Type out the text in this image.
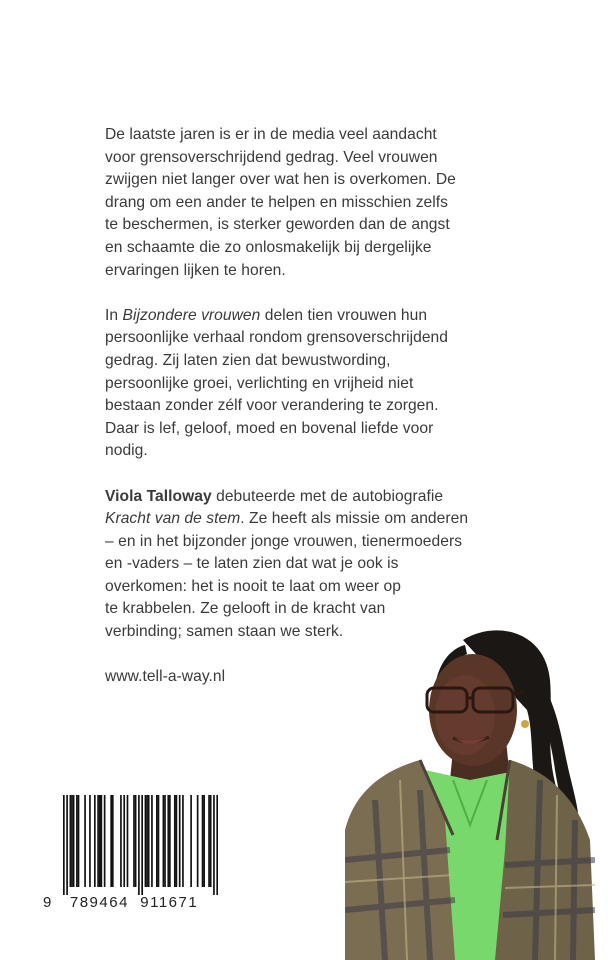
De laatste jaren is er in de media veel aandacht
voor grensoverschrijdend gedrag. Veel vrouwen
zwijgen niet langer over wat hen is overkomen. De
drang om een ander te helpen en misschien zelfs
te beschermen, is sterker geworden dan de angst
en schaamte die zo onlosmakelijk bij dergelijke
ervaringen lijken te horen.

In Bijzondere vrouwen delen tien vrouwen hun
persoonlijke verhaal rondom grensoverschrijdend
gedrag. Zij laten zien dat bewustwording,
persoonlijke groei, verlichting en vrijheid niet
bestaan zonder zélf voor verandering te zorgen.
Daar is lef, geloof, moed en bovenal liefde voor
nodig.

Viola Talloway debuteerde met de autobiografie
Kracht van de stem. Ze heeft als missie om anderen
– en in het bijzonder jonge vrouwen, tienermoeders
en -vaders – te laten zien dat wat je ook is
overkomen: het is nooit te laat om weer op
te krabbelen. Ze gelooft in de kracht van
verbinding; samen staan we sterk.

www.tell-a-way.nl

9 789464 911671
